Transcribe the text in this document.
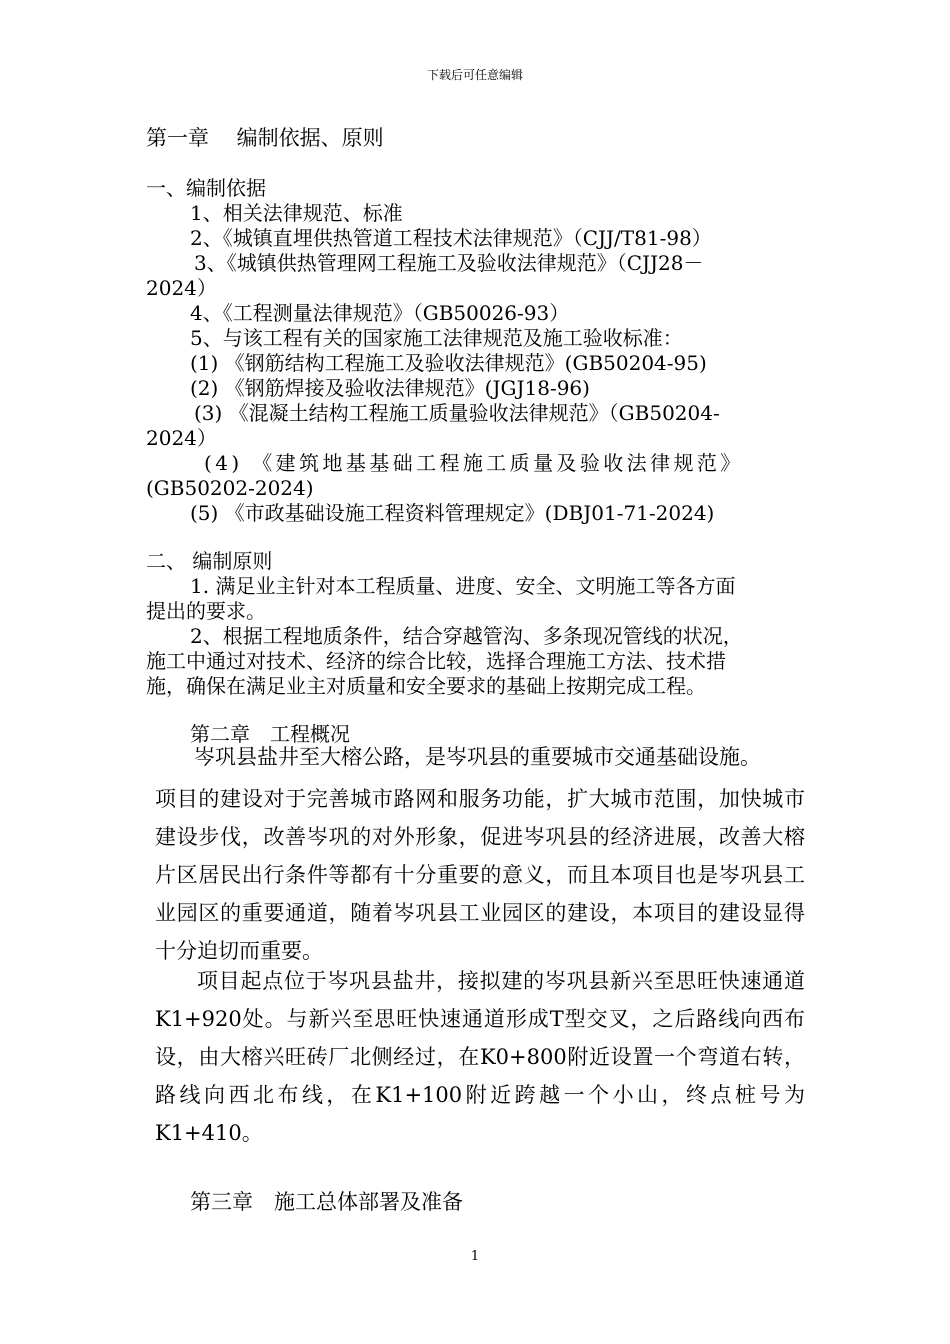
下载后可任意编辑
第一章　 编制依据、原则
一、编制依据
1、相关法律规范、标准
2、《城镇直埋供热管道工程技术法律规范》（CJJ/T81-98）
3、《城镇供热管理网工程施工及验收法律规范》（CJJ28－
2024）
4、《工程测量法律规范》（GB50026-93）
5、与该工程有关的国家施工法律规范及施工验收标准：
(1) 《钢筋结构工程施工及验收法律规范》(GB50204-95)
(2) 《钢筋焊接及验收法律规范》(JGJ18-96)
(3) 《混凝土结构工程施工质量验收法律规范》（GB50204-
2024）
(4) 《建筑地基基础工程施工质量及验收法律规范》
(GB50202-2024)
(5) 《市政基础设施工程资料管理规定》(DBJ01-71-2024)
二、 编制原则
1. 满足业主针对本工程质量、进度、安全、文明施工等各方面
提出的要求。
2、根据工程地质条件，结合穿越管沟、多条现况管线的状况，
施工中通过对技术、经济的综合比较，选择合理施工方法、技术措
施，确保在满足业主对质量和安全要求的基础上按期完成工程。
第二章　工程概况
岑巩县盐井至大榕公路，是岑巩县的重要城市交通基础设施。
项目的建设对于完善城市路网和服务功能，扩大城市范围，加快城市建设步伐，改善岑巩的对外形象，促进岑巩县的经济进展，改善大榕片区居民出行条件等都有十分重要的意义，而且本项目也是岑巩县工业园区的重要通道，随着岑巩县工业园区的建设，本项目的建设显得十分迫切而重要。
项目起点位于岑巩县盐井，接拟建的岑巩县新兴至思旺快速通道K1+920处。与新兴至思旺快速通道形成T型交叉，之后路线向西布设，由大榕兴旺砖厂北侧经过，在K0+800附近设置一个弯道右转，路线向西北布线，在K1+100附近跨越一个小山，终点桩号为K1+410。
第三章　施工总体部署及准备
1
